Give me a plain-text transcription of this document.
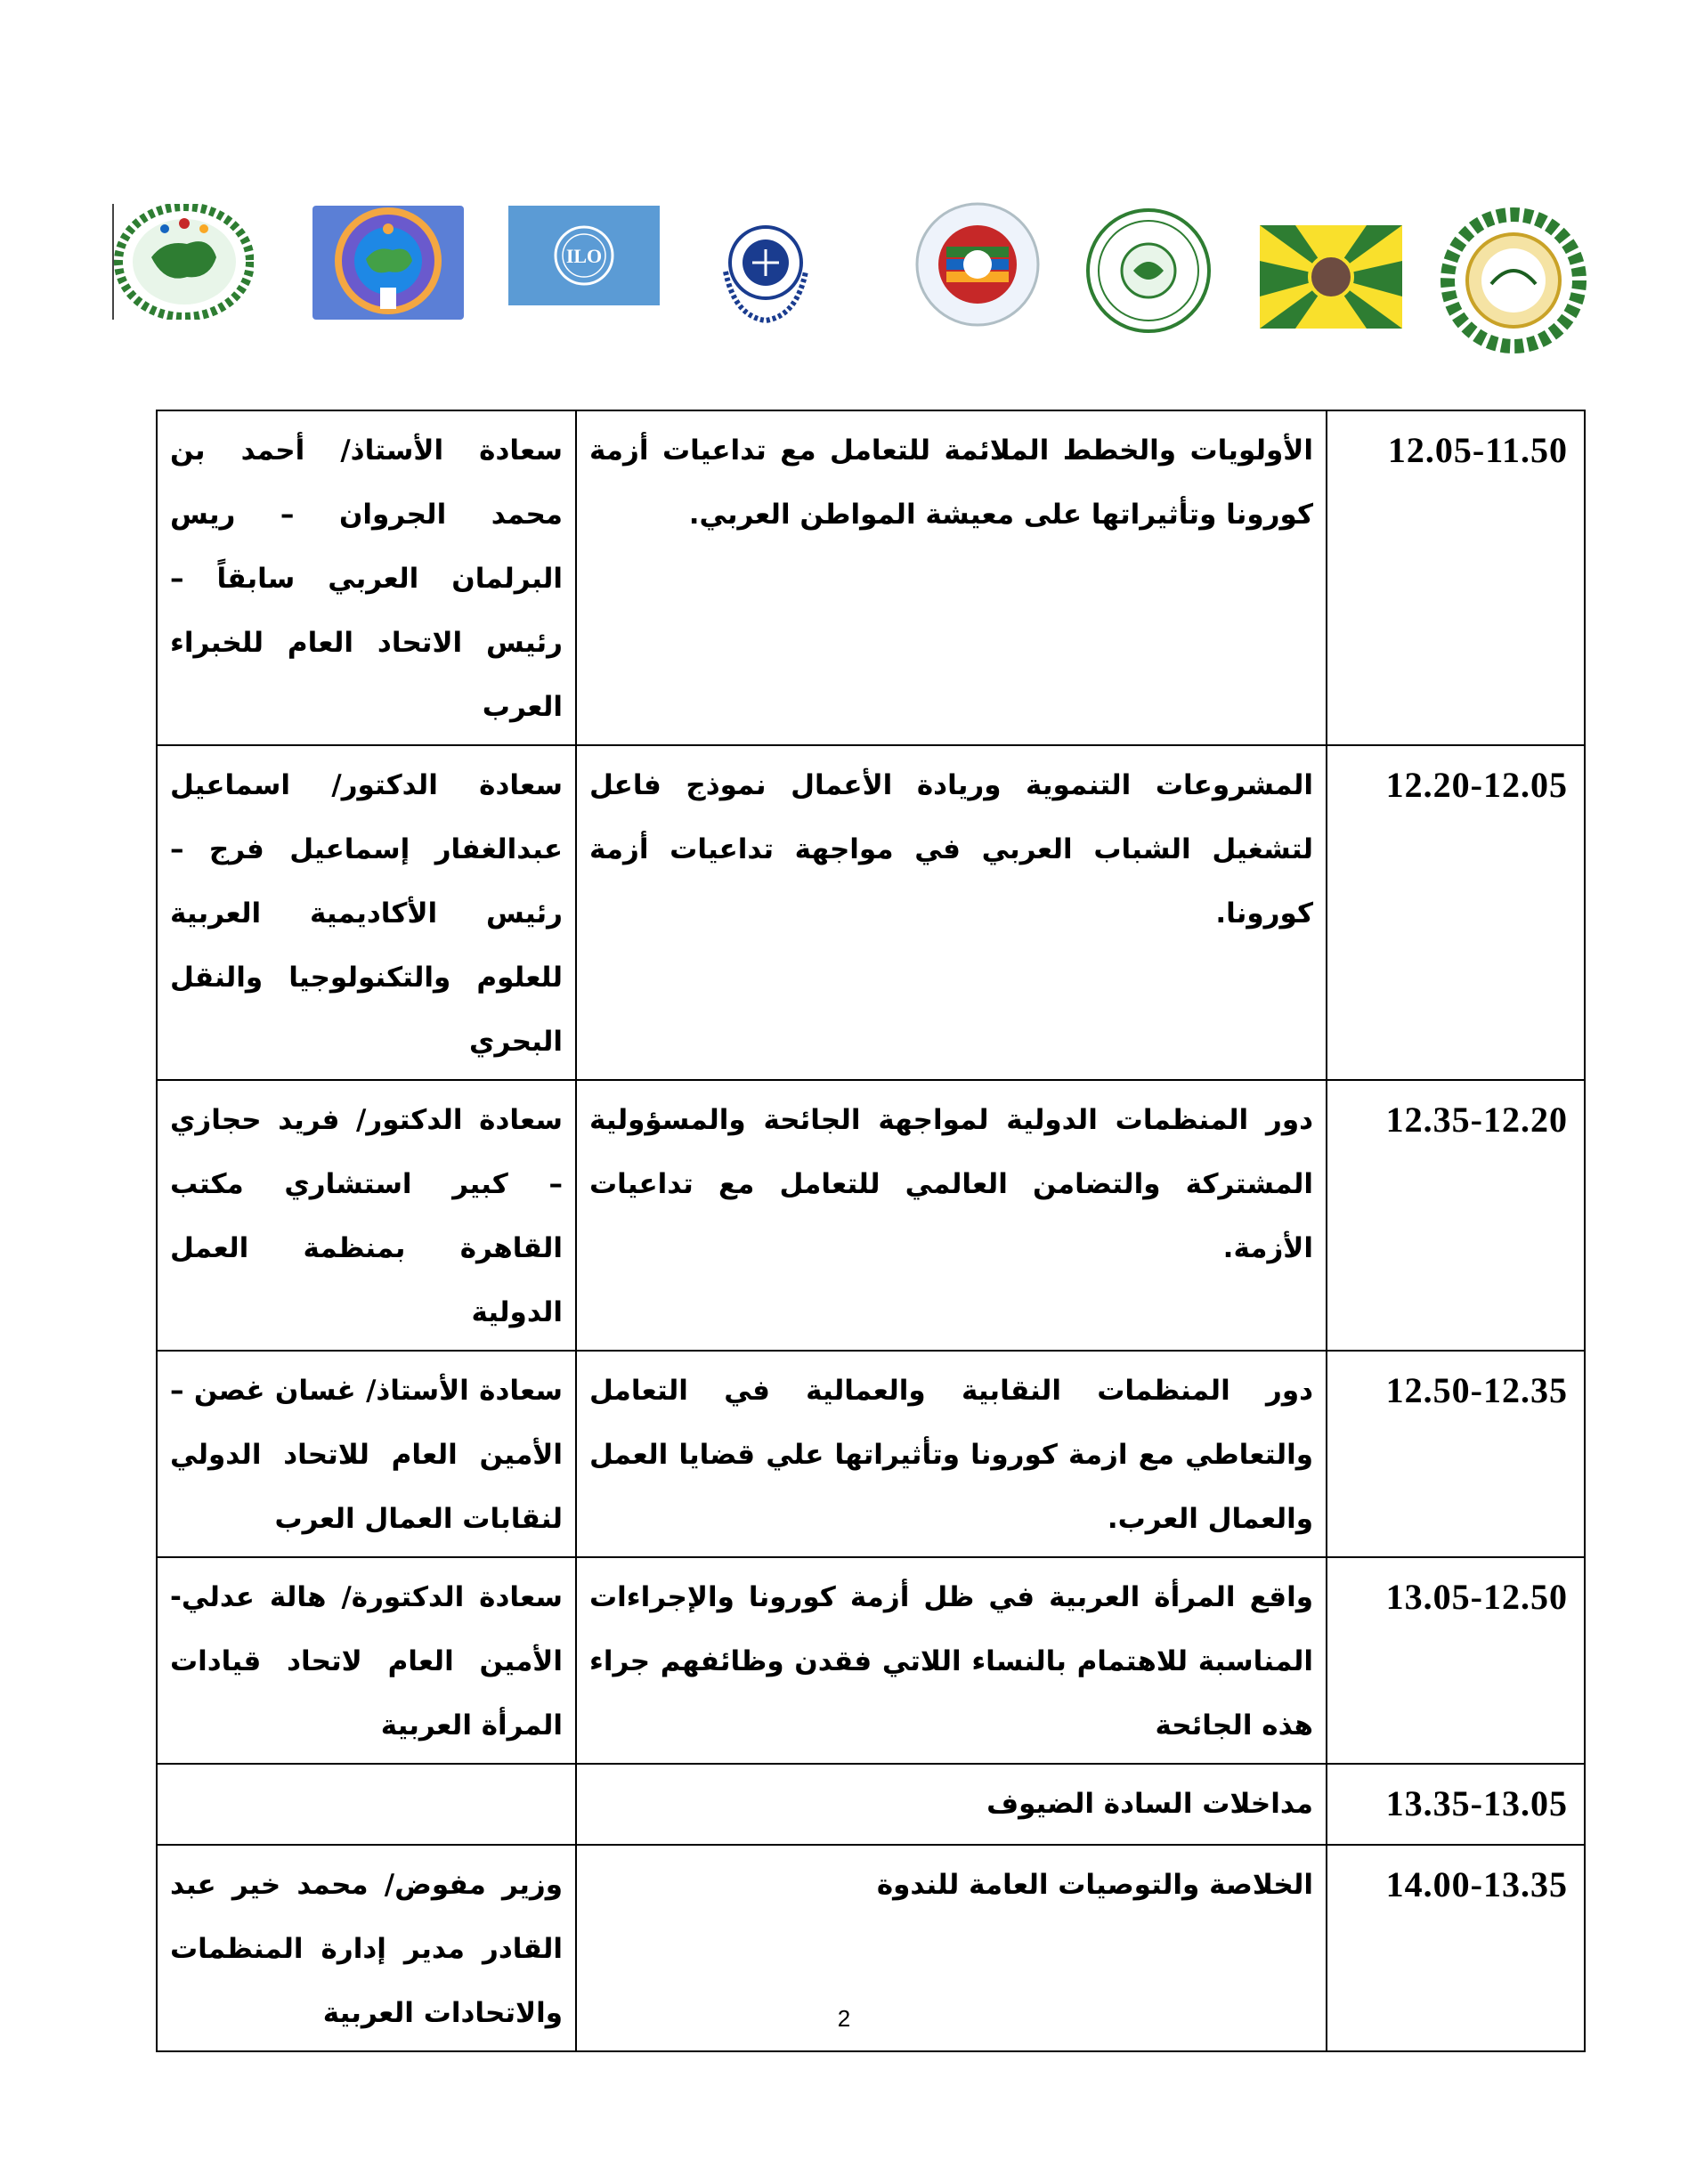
ILO
12.05-11.50	الأولويات والخطط الملائمة للتعامل مع تداعيات أزمة كورونا وتأثيراتها على معيشة المواطن العربي.	سعادة الأستاذ/ أحمد بن محمد الجروان – ريس البرلمان العربي سابقاً – رئيس الاتحاد العام للخبراء العرب
12.20-12.05	المشروعات التنموية وريادة الأعمال نموذج فاعل لتشغيل الشباب العربي في مواجهة تداعيات أزمة كورونا.	سعادة الدكتور/ اسماعيل عبدالغفار إسماعيل فرج – رئيس الأكاديمية العربية للعلوم والتكنولوجيا والنقل البحري
12.35-12.20	دور المنظمات الدولية لمواجهة الجائحة والمسؤولية المشتركة والتضامن العالمي للتعامل مع تداعيات الأزمة.	سعادة الدكتور/ فريد حجازي – كبير استشاري مكتب القاهرة بمنظمة العمل الدولية
12.50-12.35	دور المنظمات النقابية والعمالية في التعامل والتعاطي مع ازمة كورونا وتأثيراتها علي قضايا العمل والعمال العرب.	سعادة الأستاذ/ غسان غصن – الأمين العام للاتحاد الدولي لنقابات العمال العرب
13.05-12.50	واقع المرأة العربية في ظل أزمة كورونا والإجراءات المناسبة للاهتمام بالنساء اللاتي فقدن وظائفهم جراء هذه الجائحة	سعادة الدكتورة/ هالة عدلي- الأمين العام لاتحاد قيادات المرأة العربية
13.35-13.05	مداخلات السادة الضيوف	
14.00-13.35	الخلاصة والتوصيات العامة للندوة	وزير مفوض/ محمد خير عبد القادر مدير إدارة المنظمات والاتحادات العربية	2
